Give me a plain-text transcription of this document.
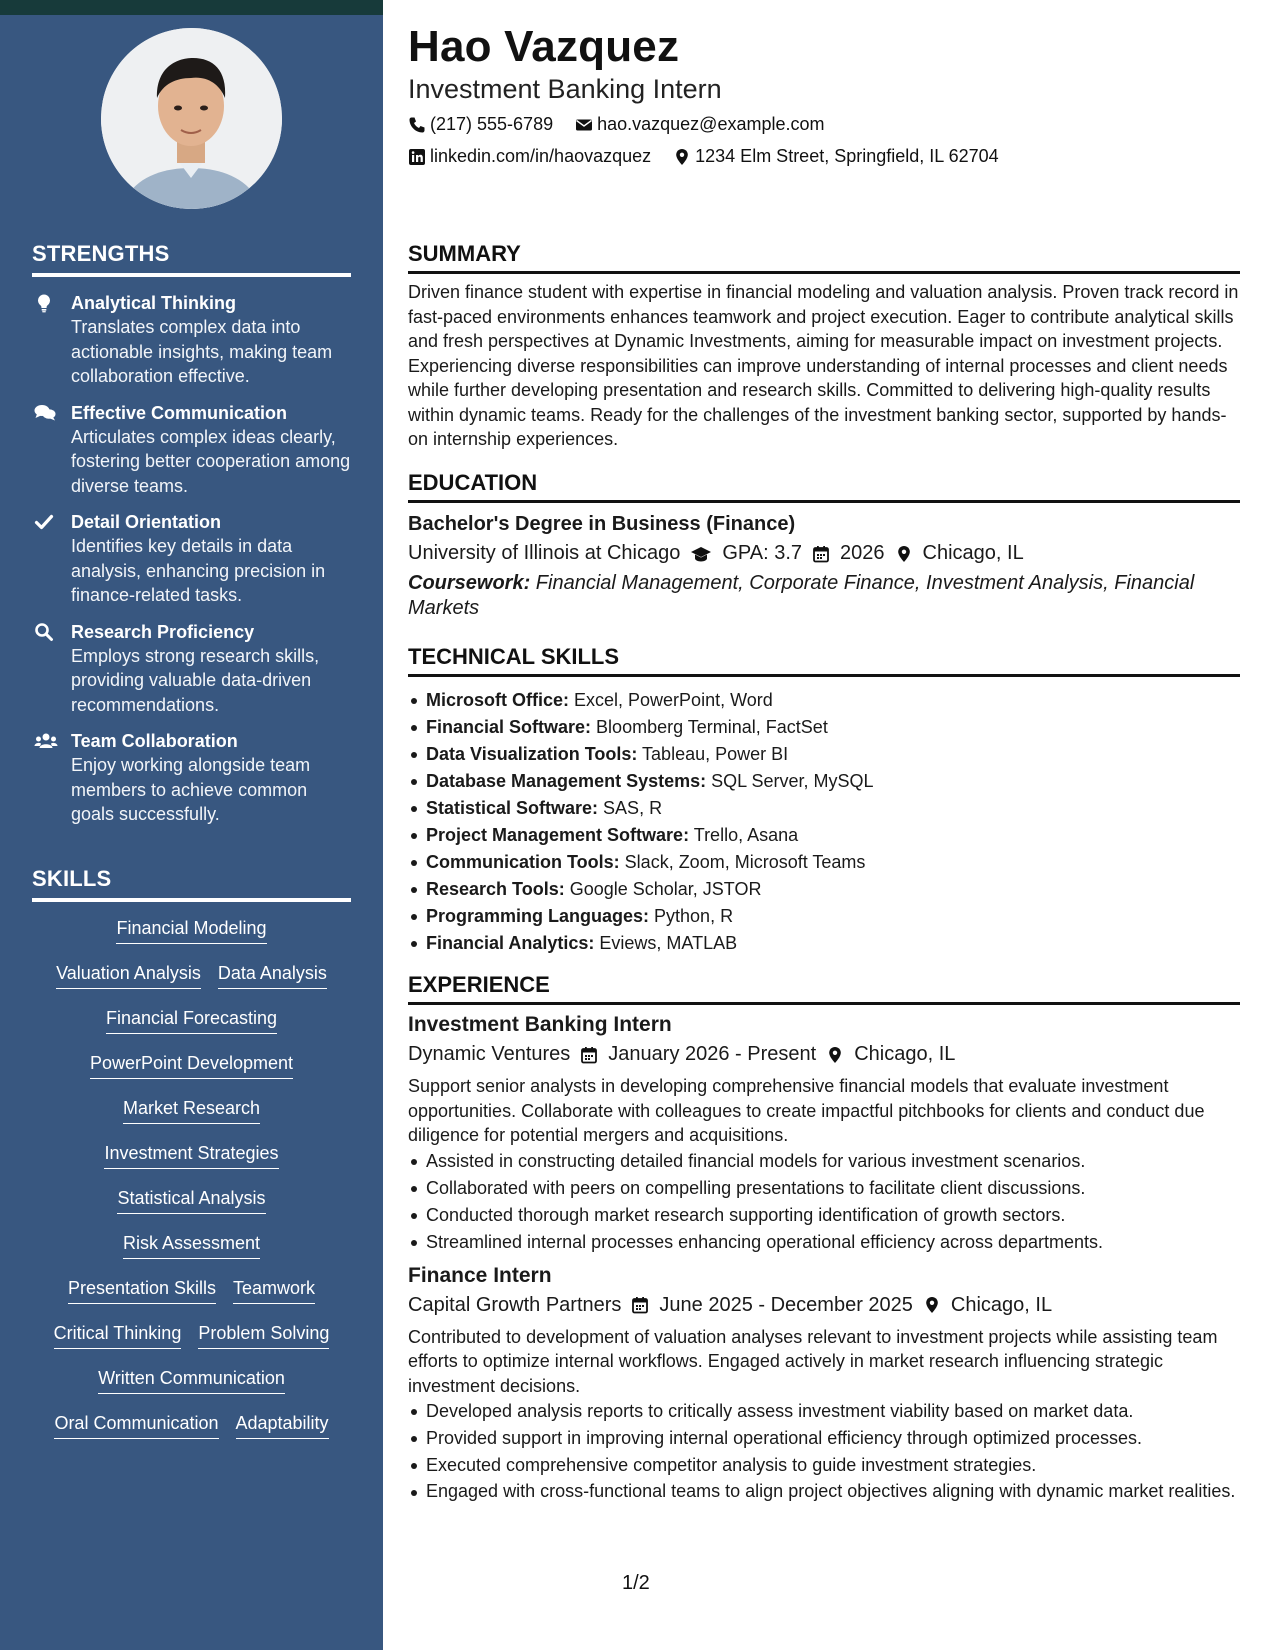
STRENGTHS
Analytical Thinking
Translates complex data into actionable insights, making team collaboration effective.
Effective Communication
Articulates complex ideas clearly, fostering better cooperation among diverse teams.
Detail Orientation
Identifies key details in data analysis, enhancing precision in finance-related tasks.
Research Proficiency
Employs strong research skills, providing valuable data-driven recommendations.
Team Collaboration
Enjoy working alongside team members to achieve common goals successfully.
SKILLS
Financial Modeling
Valuation Analysis Data Analysis
Financial Forecasting
PowerPoint Development
Market Research
Investment Strategies
Statistical Analysis
Risk Assessment
Presentation Skills Teamwork
Critical Thinking Problem Solving
Written Communication
Oral Communication Adaptability
Hao Vazquez
Investment Banking Intern
(217) 555-6789 hao.vazquez@example.com
linkedin.com/in/haovazquez 1234 Elm Street, Springfield, IL 62704
SUMMARY
Driven finance student with expertise in financial modeling and valuation analysis. Proven track record in fast-paced environments enhances teamwork and project execution. Eager to contribute analytical skills and fresh perspectives at Dynamic Investments, aiming for measurable impact on investment projects. Experiencing diverse responsibilities can improve understanding of internal processes and client needs while further developing presentation and research skills. Committed to delivering high-quality results within dynamic teams. Ready for the challenges of the investment banking sector, supported by hands-on internship experiences.
EDUCATION
Bachelor's Degree in Business (Finance)
University of Illinois at Chicago GPA: 3.7 2026 Chicago, IL
Coursework: Financial Management, Corporate Finance, Investment Analysis, Financial Markets
TECHNICAL SKILLS
Microsoft Office: Excel, PowerPoint, Word
Financial Software: Bloomberg Terminal, FactSet
Data Visualization Tools: Tableau, Power BI
Database Management Systems: SQL Server, MySQL
Statistical Software: SAS, R
Project Management Software: Trello, Asana
Communication Tools: Slack, Zoom, Microsoft Teams
Research Tools: Google Scholar, JSTOR
Programming Languages: Python, R
Financial Analytics: Eviews, MATLAB
EXPERIENCE
Investment Banking Intern
Dynamic Ventures January 2026 - Present Chicago, IL
Support senior analysts in developing comprehensive financial models that evaluate investment opportunities. Collaborate with colleagues to create impactful pitchbooks for clients and conduct due diligence for potential mergers and acquisitions.
Assisted in constructing detailed financial models for various investment scenarios.
Collaborated with peers on compelling presentations to facilitate client discussions.
Conducted thorough market research supporting identification of growth sectors.
Streamlined internal processes enhancing operational efficiency across departments.
Finance Intern
Capital Growth Partners June 2025 - December 2025 Chicago, IL
Contributed to development of valuation analyses relevant to investment projects while assisting team efforts to optimize internal workflows. Engaged actively in market research influencing strategic investment decisions.
Developed analysis reports to critically assess investment viability based on market data.
Provided support in improving internal operational efficiency through optimized processes.
Executed comprehensive competitor analysis to guide investment strategies.
Engaged with cross-functional teams to align project objectives aligning with dynamic market realities.
1/2
